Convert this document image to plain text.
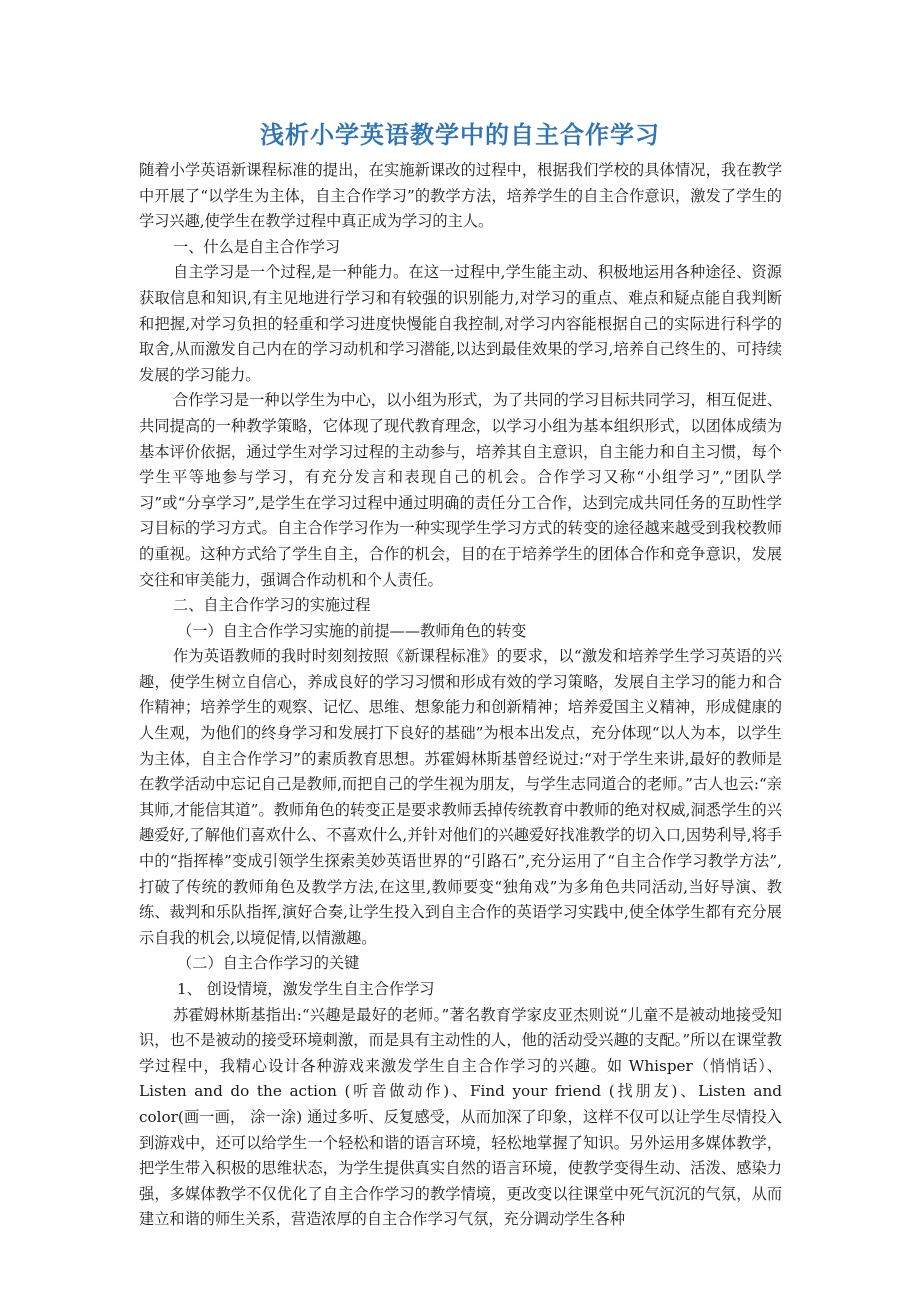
浅析小学英语教学中的自主合作学习

随着小学英语新课程标准的提出，在实施新课改的过程中，根据我们学校的具体情况，我在教学中开展了“以学生为主体，自主合作学习”的教学方法，培养学生的自主合作意识，激发了学生的学习兴趣,使学生在教学过程中真正成为学习的主人。

一、什么是自主合作学习

自主学习是一个过程,是一种能力。在这一过程中,学生能主动、积极地运用各种途径、资源获取信息和知识,有主见地进行学习和有较强的识别能力,对学习的重点、难点和疑点能自我判断和把握,对学习负担的轻重和学习进度快慢能自我控制,对学习内容能根据自己的实际进行科学的取舍,从而激发自己内在的学习动机和学习潜能,以达到最佳效果的学习,培养自己终生的、可持续发展的学习能力。

合作学习是一种以学生为中心，以小组为形式，为了共同的学习目标共同学习，相互促进、共同提高的一种教学策略，它体现了现代教育理念，以学习小组为基本组织形式，以团体成绩为基本评价依据，通过学生对学习过程的主动参与，培养其自主意识，自主能力和自主习惯，每个学生平等地参与学习，有充分发言和表现自己的机会。合作学习又称“小组学习”,“团队学习”或“分享学习”,是学生在学习过程中通过明确的责任分工合作，达到完成共同任务的互助性学习目标的学习方式。自主合作学习作为一种实现学生学习方式的转变的途径越来越受到我校教师的重视。这种方式给了学生自主，合作的机会，目的在于培养学生的团体合作和竞争意识，发展交往和审美能力，强调合作动机和个人责任。

二、自主合作学习的实施过程

（一）自主合作学习实施的前提——教师角色的转变

作为英语教师的我时时刻刻按照《新课程标准》的要求，以“激发和培养学生学习英语的兴趣，使学生树立自信心，养成良好的学习习惯和形成有效的学习策略，发展自主学习的能力和合作精神；培养学生的观察、记忆、思维、想象能力和创新精神；培养爱国主义精神，形成健康的人生观，为他们的终身学习和发展打下良好的基础”为根本出发点，充分体现“以人为本，以学生为主体，自主合作学习”的素质教育思想。苏霍姆林斯基曾经说过:“对于学生来讲,最好的教师是在教学活动中忘记自己是教师,而把自己的学生视为朋友，与学生志同道合的老师。”古人也云:“亲其师,才能信其道”。教师角色的转变正是要求教师丢掉传统教育中教师的绝对权威,洞悉学生的兴趣爱好,了解他们喜欢什么、不喜欢什么,并针对他们的兴趣爱好找准教学的切入口,因势利导,将手中的“指挥棒”变成引领学生探索美妙英语世界的“引路石”,充分运用了“自主合作学习教学方法”,打破了传统的教师角色及教学方法,在这里,教师要变“独角戏”为多角色共同活动,当好导演、教练、裁判和乐队指挥,演好合奏,让学生投入到自主合作的英语学习实践中,使全体学生都有充分展示自我的机会,以境促情,以情激趣。

（二）自主合作学习的关键

1、 创设情境，激发学生自主合作学习

苏霍姆林斯基指出:“兴趣是最好的老师。”著名教育学家皮亚杰则说“儿童不是被动地接受知识，也不是被动的接受环境刺激，而是具有主动性的人，他的活动受兴趣的支配。”所以在课堂教学过程中，我精心设计各种游戏来激发学生自主合作学习的兴趣。如 Whisper（悄悄话）、Listen and do the action (听音做动作)、Find your friend (找朋友)、Listen and color(画一画， 涂一涂) 通过多听、反复感受，从而加深了印象，这样不仅可以让学生尽情投入到游戏中，还可以给学生一个轻松和谐的语言环境，轻松地掌握了知识。另外运用多媒体教学，把学生带入积极的思维状态，为学生提供真实自然的语言环境，使教学变得生动、活泼、感染力强，多媒体教学不仅优化了自主合作学习的教学情境，更改变以往课堂中死气沉沉的气氛，从而建立和谐的师生关系，营造浓厚的自主合作学习气氛，充分调动学生各种
